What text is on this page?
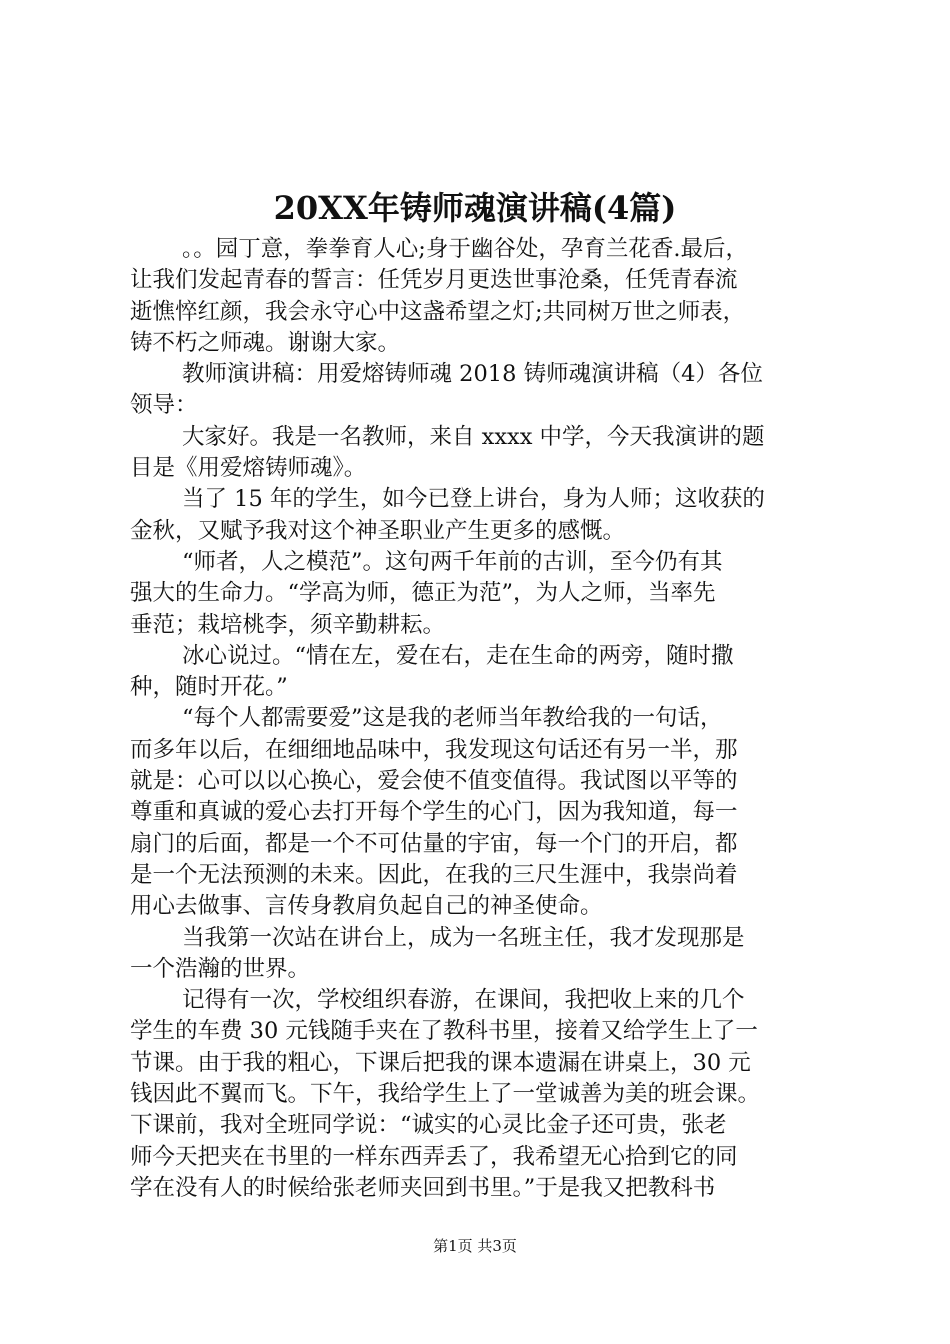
20XX年铸师魂演讲稿(4篇)
。。园丁意，拳拳育人心;身于幽谷处，孕育兰花香.最后，
让我们发起青春的誓言：任凭岁月更迭世事沧桑，任凭青春流
逝憔悴红颜，我会永守心中这盏希望之灯;共同树万世之师表，
铸不朽之师魂。谢谢大家。
教师演讲稿：用爱熔铸师魂 2018 铸师魂演讲稿（4）各位
领导：
大家好。我是一名教师，来自 xxxx 中学，今天我演讲的题
目是《用爱熔铸师魂》。
当了 15 年的学生，如今已登上讲台，身为人师；这收获的
金秋，又赋予我对这个神圣职业产生更多的感慨。
“师者，人之模范”。这句两千年前的古训，至今仍有其
强大的生命力。“学高为师，德正为范”，为人之师，当率先
垂范；栽培桃李，须辛勤耕耘。
冰心说过。“情在左，爱在右，走在生命的两旁，随时撒
种，随时开花。”
“每个人都需要爱”这是我的老师当年教给我的一句话，
而多年以后，在细细地品味中，我发现这句话还有另一半，那
就是：心可以以心换心，爱会使不值变值得。我试图以平等的
尊重和真诚的爱心去打开每个学生的心门，因为我知道，每一
扇门的后面，都是一个不可估量的宇宙，每一个门的开启，都
是一个无法预测的未来。因此，在我的三尺生涯中，我崇尚着
用心去做事、言传身教肩负起自己的神圣使命。
当我第一次站在讲台上，成为一名班主任，我才发现那是
一个浩瀚的世界。
记得有一次，学校组织春游，在课间，我把收上来的几个
学生的车费 30 元钱随手夹在了教科书里，接着又给学生上了一
节课。由于我的粗心，下课后把我的课本遗漏在讲桌上，30 元
钱因此不翼而飞。下午，我给学生上了一堂诚善为美的班会课。
下课前，我对全班同学说：“诚实的心灵比金子还可贵，张老
师今天把夹在书里的一样东西弄丢了，我希望无心拾到它的同
学在没有人的时候给张老师夹回到书里。”于是我又把教科书
第1页 共3页
